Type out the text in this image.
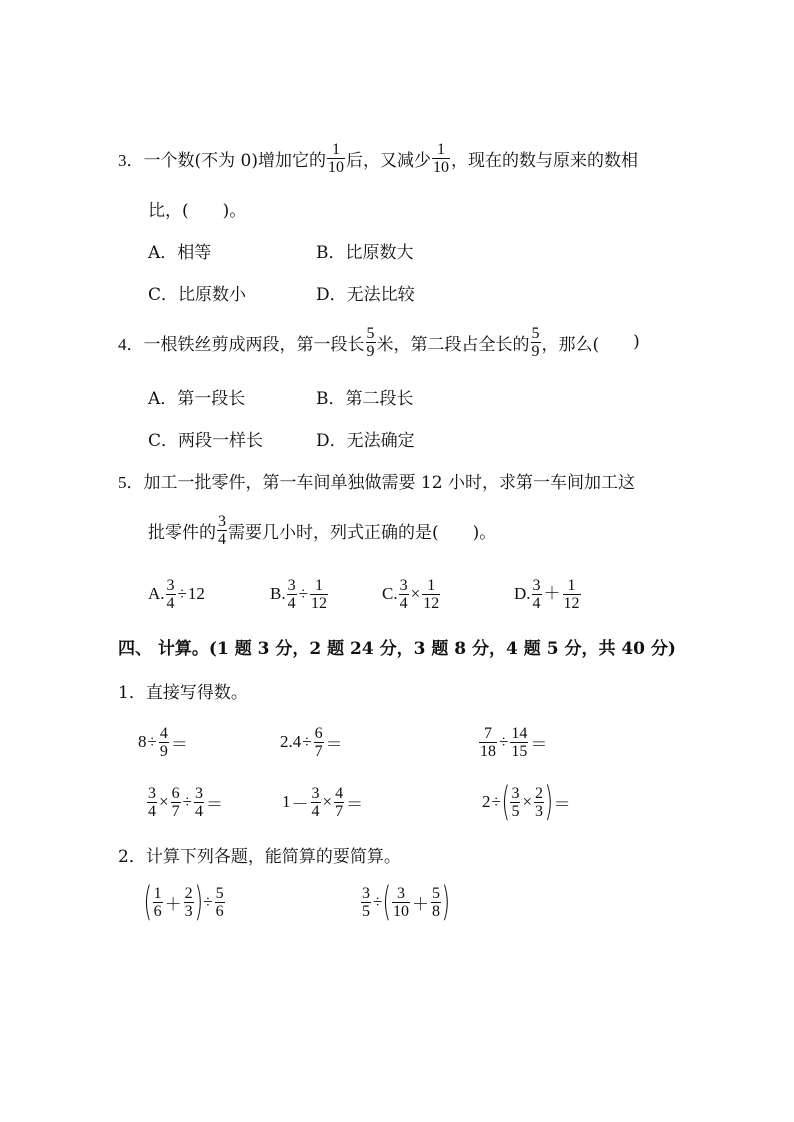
3． 一个数(不为 0)增加它的 $\frac{1}{10}$ 后，又减少 $\frac{1}{10}$ ，现在的数与原来的数相
比，( )。
A．相等	B．比原数大
C．比原数小	D．无法比较
4． 一根铁丝剪成两段，第一段长 $\frac{5}{9}$ 米，第二段占全长的 $\frac{5}{9}$ ，那么( )
A．第一段长	B．第二段长
C．两段一样长	D．无法确定
5． 加工一批零件，第一车间单独做需要 12 小时，求第一车间加工这
批零件的 $\frac{3}{4}$ 需要几小时，列式正确的是( )。
A. $\frac{3}{4} \div 12$	B. $\frac{3}{4} \div \frac{1}{12}$	C. $\frac{3}{4} \times \frac{1}{12}$	D. $\frac{3}{4} + \frac{1}{12}$
四、 计算。(1 题 3 分，2 题 24 分，3 题 8 分，4 题 5 分，共 40 分)
1．直接写得数。
$8 \div \frac{4}{9}$ ＝	$2.4 \div \frac{6}{7}$ ＝	$\frac{7}{18} \div \frac{14}{15}$ ＝
$\frac{3}{4} \times \frac{6}{7} \div \frac{3}{4}$ ＝	$1 - \frac{3}{4} \times \frac{4}{7}$ ＝	2 ÷ ( $\frac{3}{5} \times \frac{2}{3}$ ) ＝
2．计算下列各题，能简算的要简算。
( $\frac{1}{6} + \frac{2}{3}$ ) ÷ $\frac{5}{6}$	$\frac{3}{5}$ ÷ ( $\frac{3}{10} + \frac{5}{8}$ )
